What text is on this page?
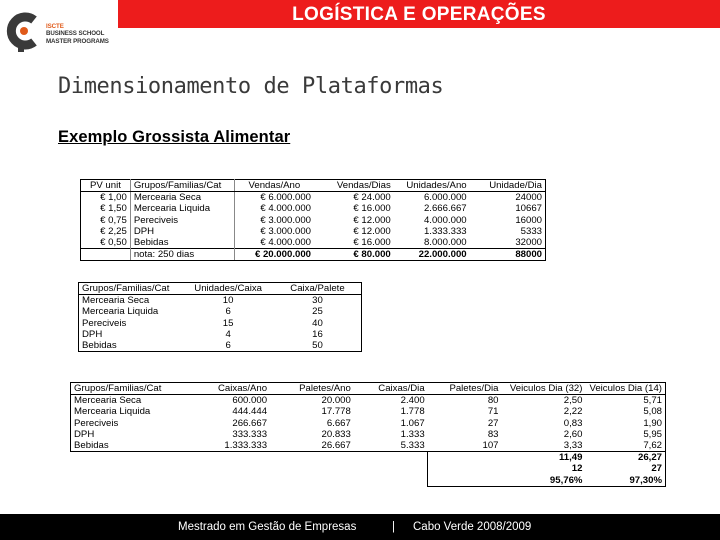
ISCTE
BUSINESS SCHOOL
MASTER PROGRAMS
LOGÍSTICA E OPERAÇÕES
Dimensionamento de Plataformas
Exemplo Grossista Alimentar
PV unit	Grupos/Familias/Cat	Vendas/Ano	Vendas/Dias	Unidades/Ano	Unidade/Dia
€ 1,00	Mercearia Seca	€ 6.000.000	€ 24.000	6.000.000	24000
€ 1,50	Mercearia Liquida	€ 4.000.000	€ 16.000	2.666.667	10667
€ 0,75	Pereciveis	€ 3.000.000	€ 12.000	4.000.000	16000
€ 2,25	DPH	€ 3.000.000	€ 12.000	1.333.333	5333
€ 0,50	Bebidas	€ 4.000.000	€ 16.000	8.000.000	32000
	nota: 250 dias	€ 20.000.000	€ 80.000	22.000.000	88000
Grupos/Familias/Cat	Unidades/Caixa	Caixa/Palete
Mercearia Seca	10	30
Mercearia Liquida	6	25
Pereciveis	15	40
DPH	4	16
Bebidas	6	50
Grupos/Familias/Cat	Caixas/Ano	Paletes/Ano	Caixas/Dia	Paletes/Dia	Veiculos Dia (32)	Veiculos Dia (14)
Mercearia Seca	600.000	20.000	2.400	80	2,50	5,71
Mercearia Liquida	444.444	17.778	1.778	71	2,22	5,08
Pereciveis	266.667	6.667	1.067	27	0,83	1,90
DPH	333.333	20.833	1.333	83	2,60	5,95
Bebidas	1.333.333	26.667	5.333	107	3,33	7,62
					11,49	26,27
					12	27
					95,76%	97,30%
Mestrado em Gestão de Empresas	| Cabo Verde 2008/2009
